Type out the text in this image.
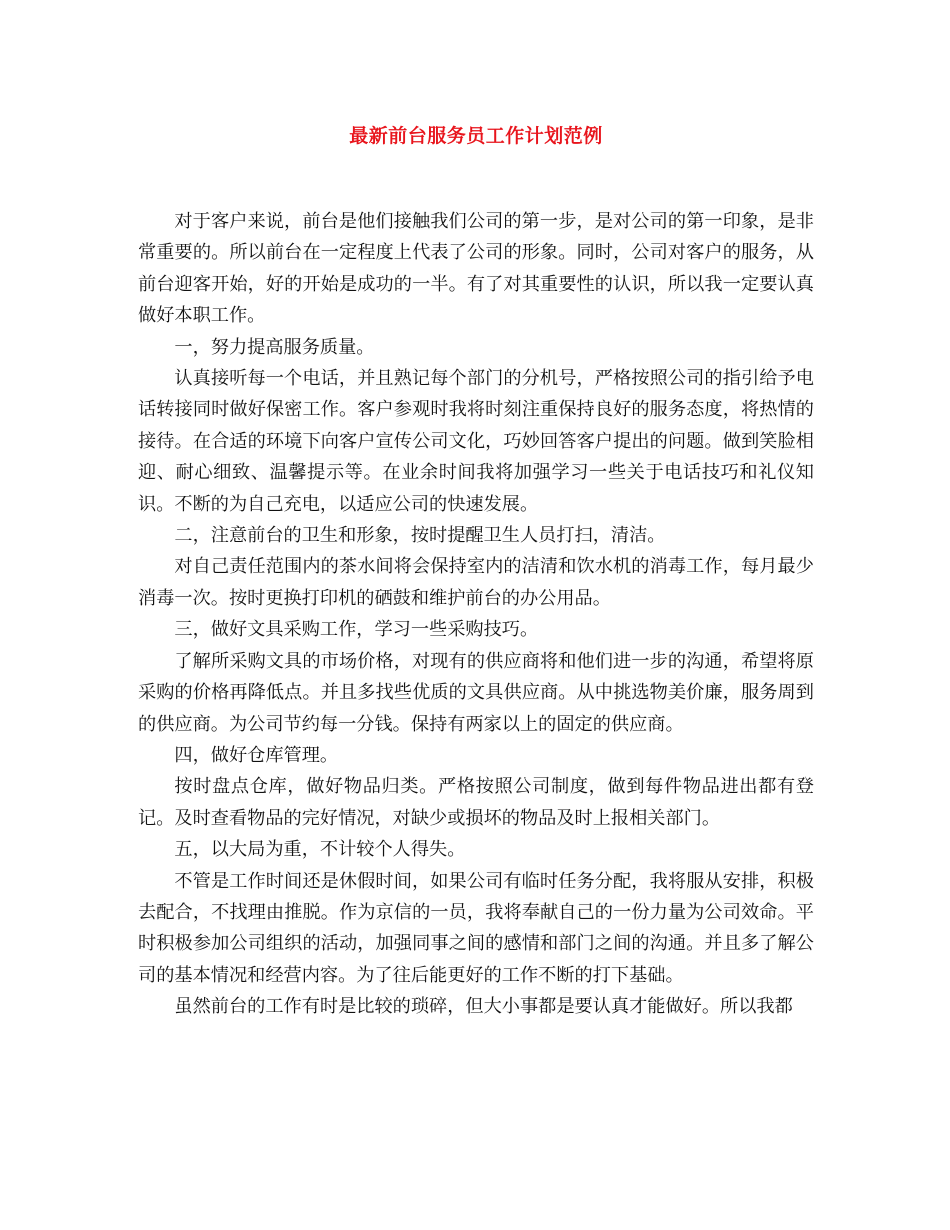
最新前台服务员工作计划范例

对于客户来说，前台是他们接触我们公司的第一步，是对公司的第一印象，是非常重要的。所以前台在一定程度上代表了公司的形象。同时，公司对客户的服务，从前台迎客开始，好的开始是成功的一半。有了对其重要性的认识，所以我一定要认真做好本职工作。

一，努力提高服务质量。

认真接听每一个电话，并且熟记每个部门的分机号，严格按照公司的指引给予电话转接同时做好保密工作。客户参观时我将时刻注重保持良好的服务态度，将热情的接待。在合适的环境下向客户宣传公司文化，巧妙回答客户提出的问题。做到笑脸相迎、耐心细致、温馨提示等。在业余时间我将加强学习一些关于电话技巧和礼仪知识。不断的为自己充电，以适应公司的快速发展。

二，注意前台的卫生和形象，按时提醒卫生人员打扫，清洁。

对自己责任范围内的茶水间将会保持室内的洁清和饮水机的消毒工作，每月最少消毒一次。按时更换打印机的硒鼓和维护前台的办公用品。

三，做好文具采购工作，学习一些采购技巧。

了解所采购文具的市场价格，对现有的供应商将和他们进一步的沟通，希望将原采购的价格再降低点。并且多找些优质的文具供应商。从中挑选物美价廉，服务周到的供应商。为公司节约每一分钱。保持有两家以上的固定的供应商。

四，做好仓库管理。

按时盘点仓库，做好物品归类。严格按照公司制度，做到每件物品进出都有登记。及时查看物品的完好情况，对缺少或损坏的物品及时上报相关部门。

五，以大局为重，不计较个人得失。

不管是工作时间还是休假时间，如果公司有临时任务分配，我将服从安排，积极去配合，不找理由推脱。作为京信的一员，我将奉献自己的一份力量为公司效命。平时积极参加公司组织的活动，加强同事之间的感情和部门之间的沟通。并且多了解公司的基本情况和经营内容。为了往后能更好的工作不断的打下基础。

虽然前台的工作有时是比较的琐碎，但大小事都是要认真才能做好。所以我都
